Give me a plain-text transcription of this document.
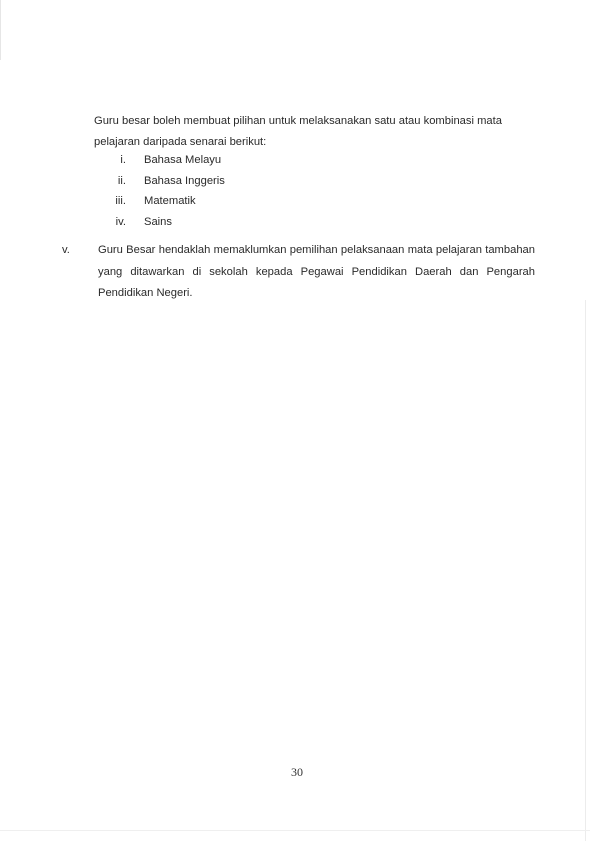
Guru besar boleh membuat pilihan untuk melaksanakan satu atau kombinasi mata pelajaran daripada senarai berikut:

i. Bahasa Melayu
ii. Bahasa Inggeris
iii. Matematik
iv. Sains
v.	Guru Besar hendaklah memaklumkan pemilihan pelaksanaan mata pelajaran tambahan yang ditawarkan di sekolah kepada Pegawai Pendidikan Daerah dan Pengarah Pendidikan Negeri.

30
